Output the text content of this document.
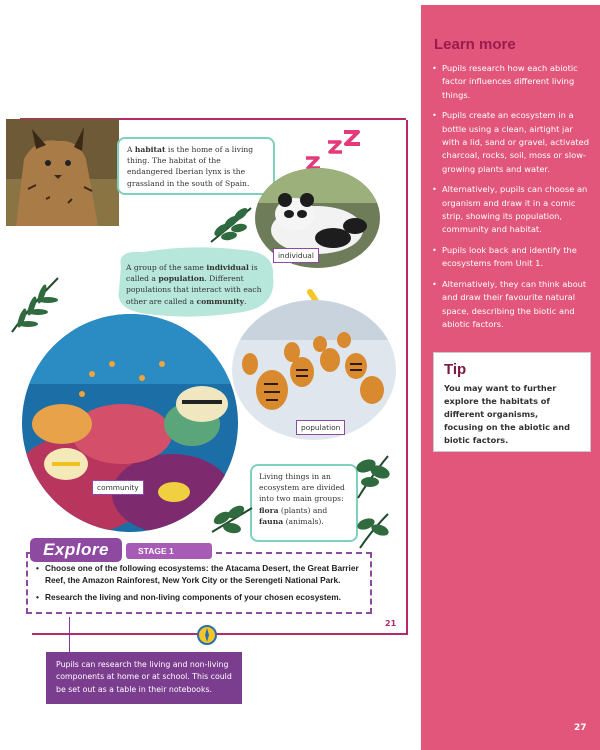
Learn more
• Pupils research how each abiotic factor influences different living things.
• Pupils create an ecosystem in a bottle using a clean, airtight jar with a lid, sand or gravel, activated charcoal, rocks, soil, moss or slow-growing plants and water.
• Alternatively, pupils can choose an organism and draw it in a comic strip, showing its population, community and habitat.
• Pupils look back and identify the ecosystems from Unit 1.
• Alternatively, they can think about and draw their favourite natural space, describing the biotic and abiotic factors.
Tip
You may want to further explore the habitats of different organisms, focusing on the abiotic and biotic factors.
27
A habitat is the home of a living thing. The habitat of the endangered Iberian lynx is the grassland in the south of Spain.
individual
A group of the same individual is called a population. Different populations that interact with each other are called a community.
population
community
Living things in an ecosystem are divided into two main groups: flora (plants) and fauna (animals).
Explore	STAGE 1
• Choose one of the following ecosystems: the Atacama Desert, the Great Barrier Reef, the Amazon Rainforest, New York City or the Serengeti National Park.
• Research the living and non-living components of your chosen ecosystem.
21
Pupils can research the living and non-living components at home or at school. This could be set out as a table in their notebooks.
